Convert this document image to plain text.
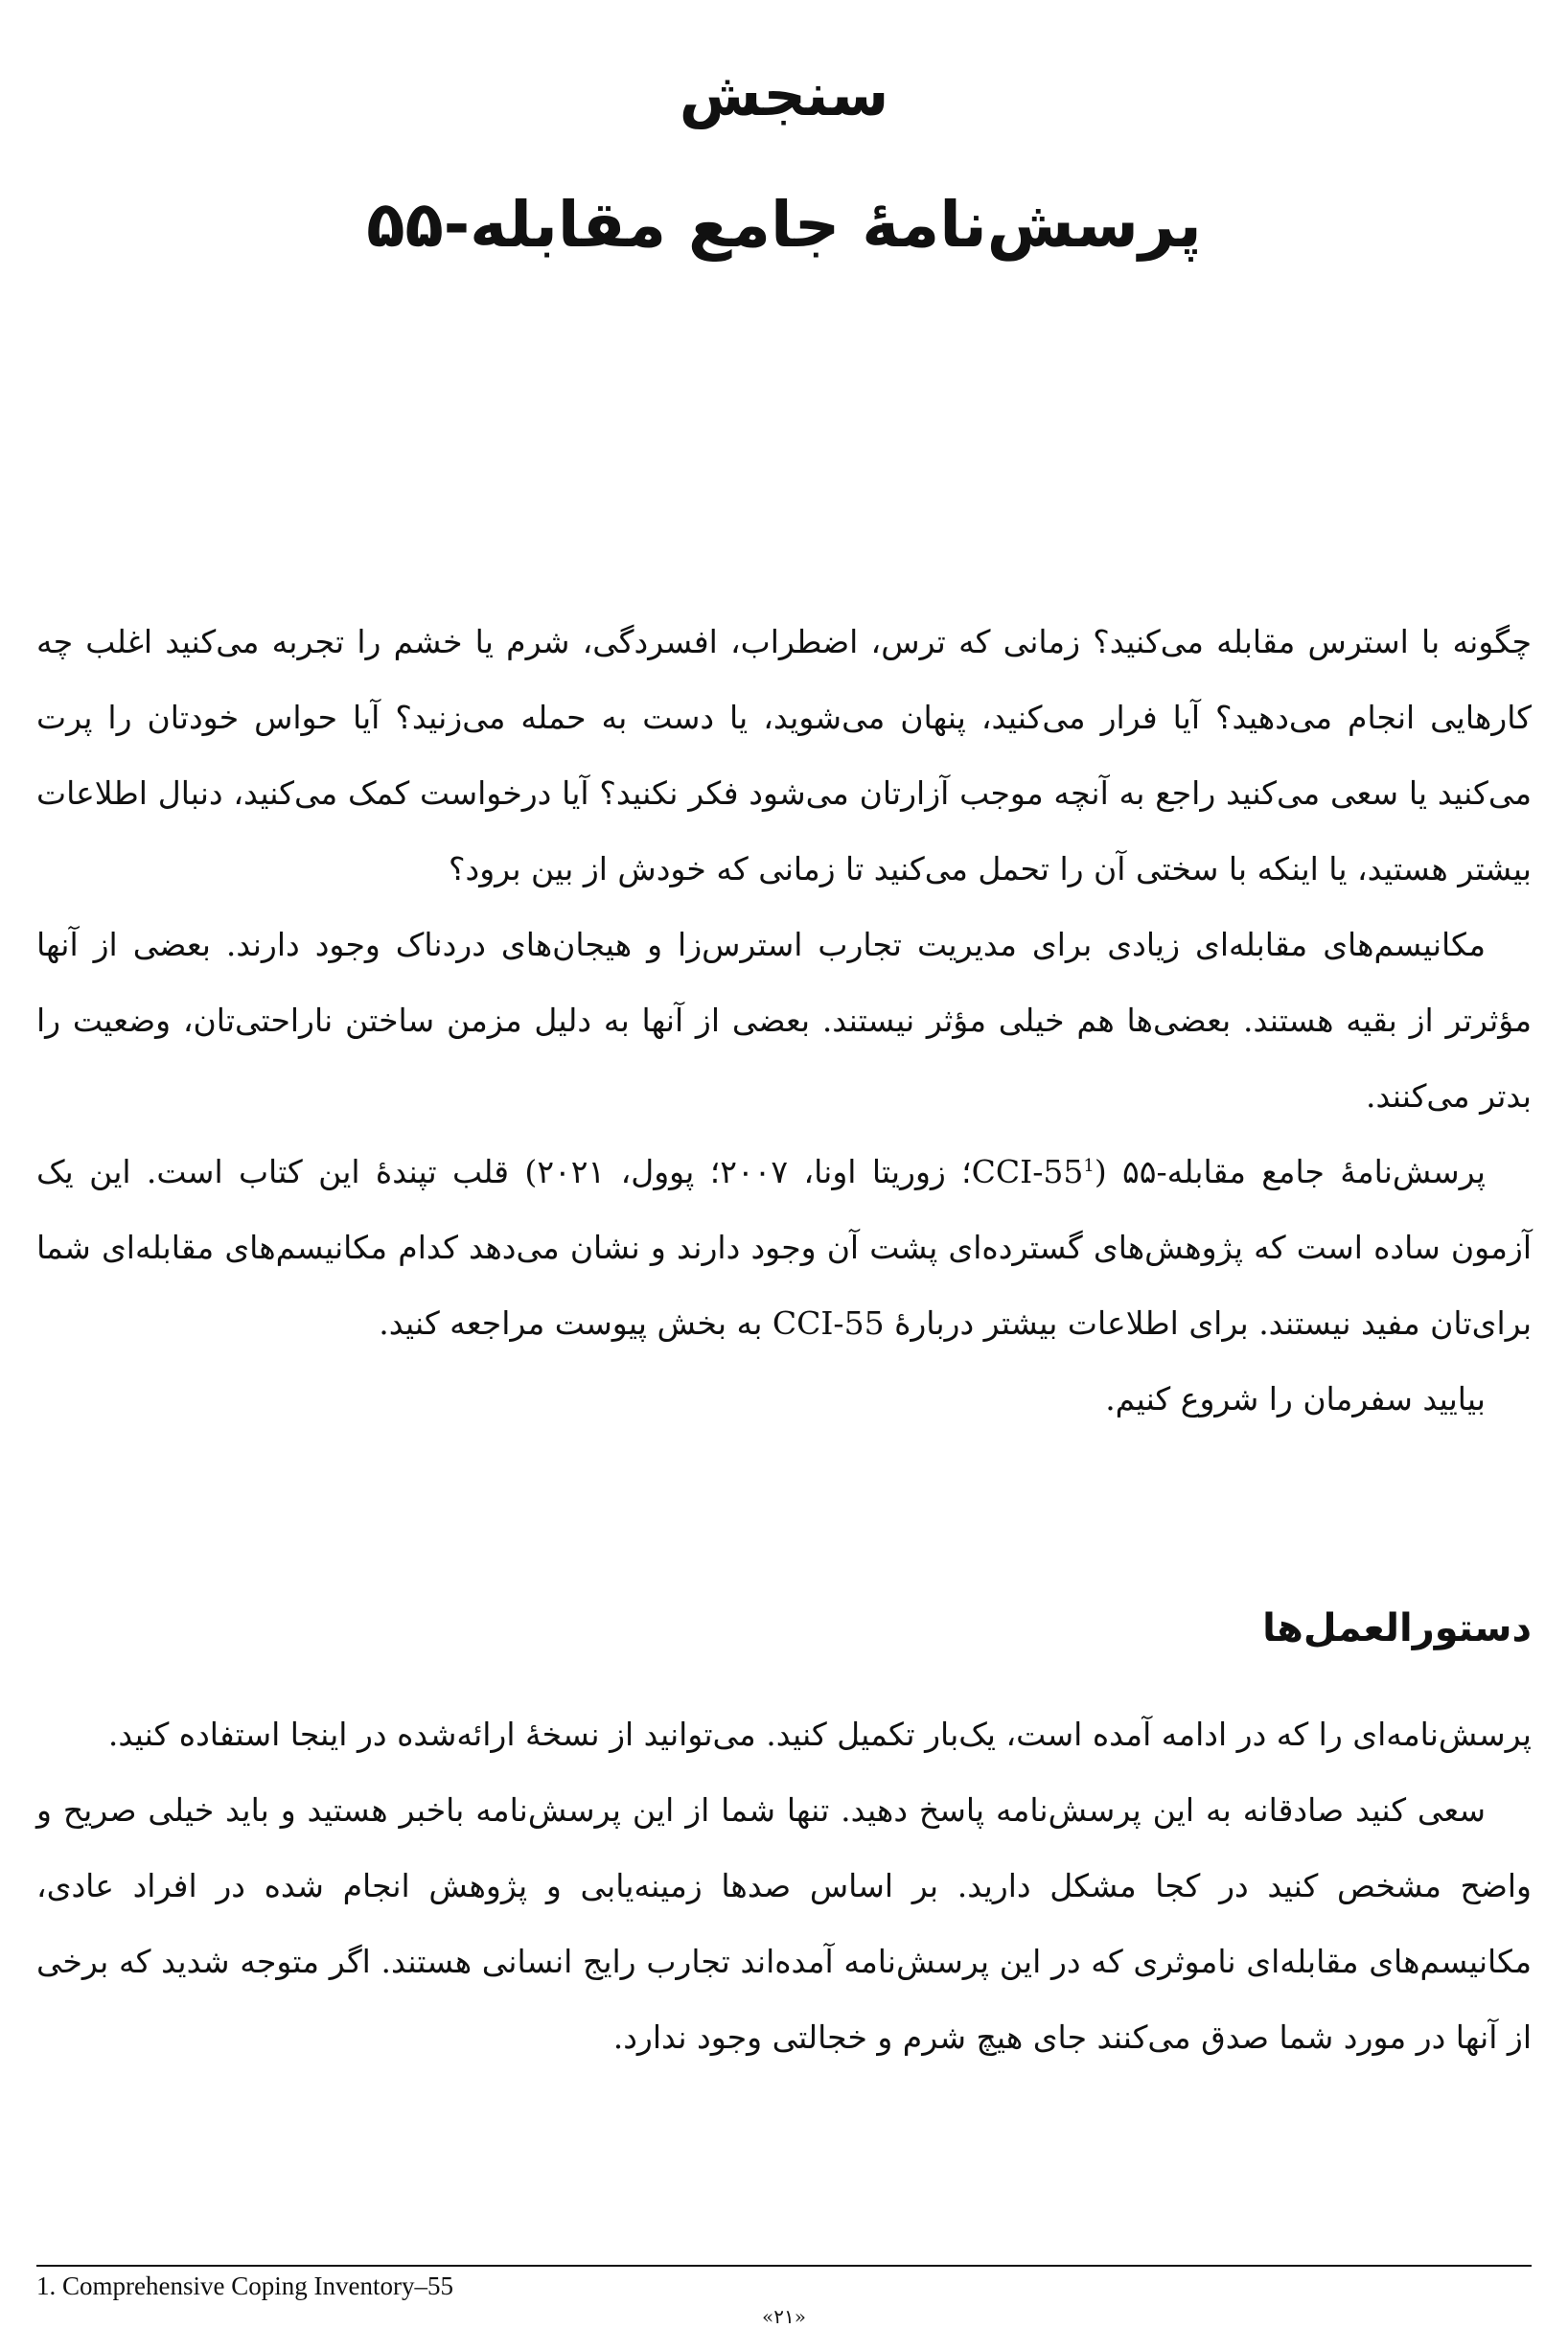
سنجش
پرسش‌نامهٔ جامع مقابله-۵۵

چگونه با استرس مقابله می‌کنید؟ زمانی که ترس، اضطراب، افسردگی، شرم یا خشم را تجربه می‌کنید اغلب چه کارهایی انجام می‌دهید؟ آیا فرار می‌کنید، پنهان می‌شوید، یا دست به حمله می‌زنید؟ آیا حواس خودتان را پرت می‌کنید یا سعی می‌کنید راجع به آنچه موجب آزارتان می‌شود فکر نکنید؟ آیا درخواست کمک می‌کنید، دنبال اطلاعات بیشتر هستید، یا اینکه با سختی آن را تحمل می‌کنید تا زمانی که خودش از بین برود؟

مکانیسم‌های مقابله‌ای زیادی برای مدیریت تجارب استرس‌زا و هیجان‌های دردناک وجود دارند. بعضی از آنها مؤثرتر از بقیه هستند. بعضی‌ها هم خیلی مؤثر نیستند. بعضی از آنها به دلیل مزمن ساختن ناراحتی‌تان، وضعیت را بدتر می‌کنند.

پرسش‌نامهٔ جامع مقابله-۵۵ ($CCI-55^1؛$ زوریتا اونا، ۲۰۰۷؛ پوول، ۲۰۲۱) قلب تپندهٔ این کتاب است. این یک آزمون ساده است که پژوهش‌های گسترده‌ای پشت آن وجود دارند و نشان می‌دهد کدام مکانیسم‌های مقابله‌ای شما برای‌تان مفید نیستند. برای اطلاعات بیشتر دربارهٔ CCI-55 به بخش پیوست مراجعه کنید.

بیایید سفرمان را شروع کنیم.

دستورالعمل‌ها

پرسش‌نامه‌ای را که در ادامه آمده است، یک‌بار تکمیل کنید. می‌توانید از نسخهٔ ارائه‌شده در اینجا استفاده کنید.

سعی کنید صادقانه به این پرسش‌نامه پاسخ دهید. تنها شما از این پرسش‌نامه باخبر هستید و باید خیلی صریح و واضح مشخص کنید در کجا مشکل دارید. بر اساس صدها زمینه‌یابی و پژوهش انجام شده در افراد عادی، مکانیسم‌های مقابله‌ای ناموثری که در این پرسش‌نامه آمده‌اند تجارب رایج انسانی هستند. اگر متوجه شدید که برخی از آنها در مورد شما صدق می‌کنند جای هیچ شرم و خجالتی وجود ندارد.

1. Comprehensive Coping Inventory–55
«۲۱»
